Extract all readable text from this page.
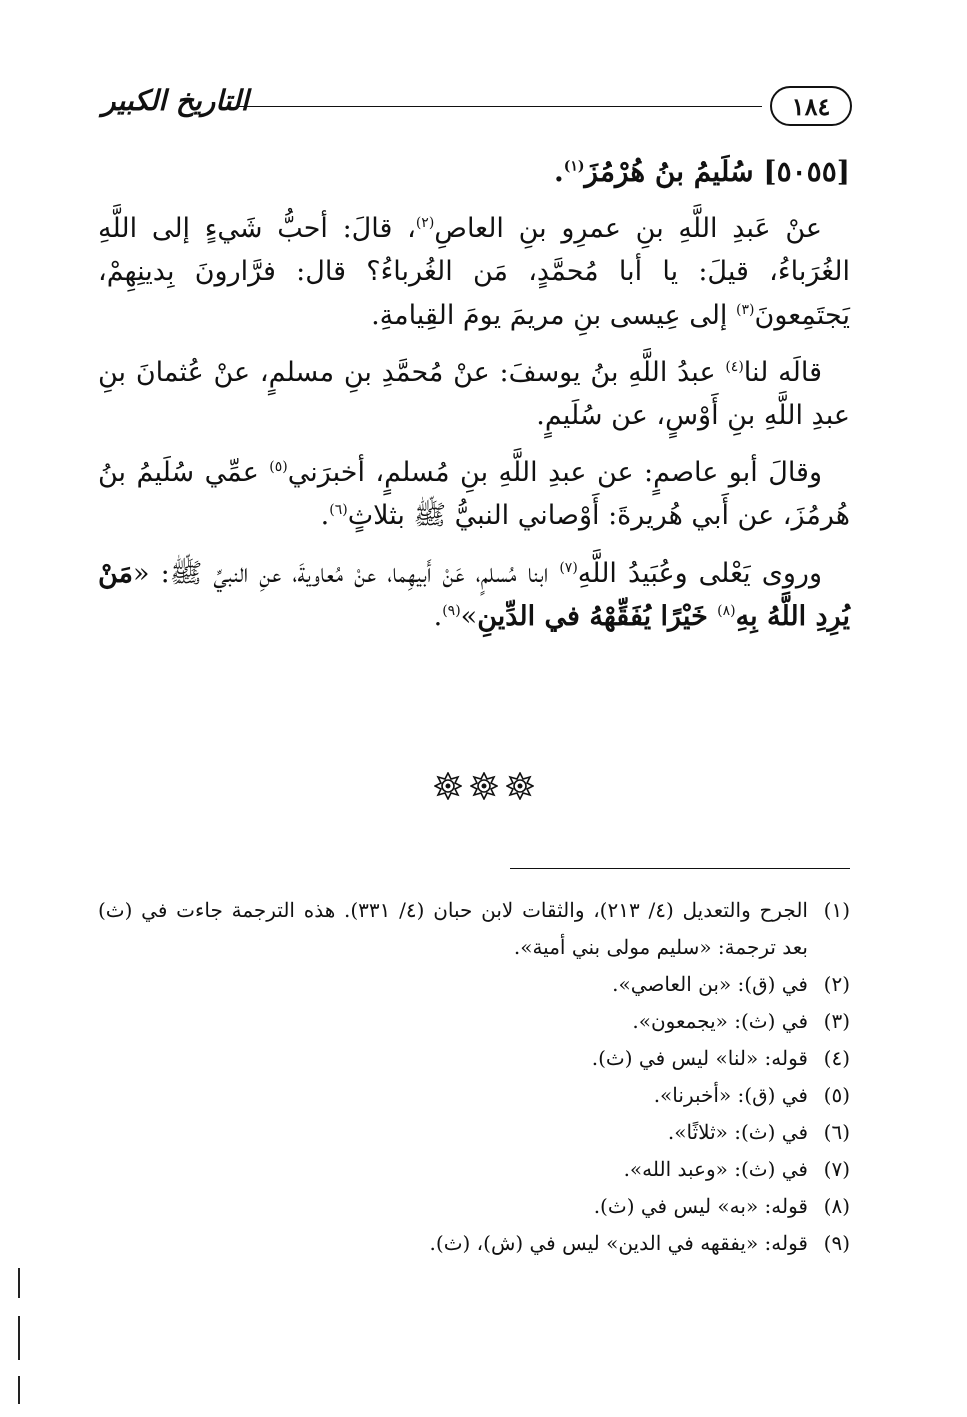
١٨٤
التاريخ الكبير

[٥٠٥٥] سُلَيمُ بنُ هُرْمُزَ$^{(١)}$.

عنْ عَبدِ اللَّهِ بنِ عمرِو بنِ العاصِ$^{(٢)}$، قالَ: أحبُّ شَيءٍ إلى اللَّهِ الغُرَباءُ، قيلَ: يا أبا مُحمَّدٍ، مَن الغُرباءُ؟ قال: فرَّارونَ بِدينِهِمْ، يَجتَمِعونَ$^{(٣)}$ إلى عِيسى بنِ مريمَ يومَ القِيامةِ.

قالَه لنا$^{(٤)}$ عبدُ اللَّهِ بنُ يوسفَ: عنْ مُحمَّدِ بنِ مسلمٍ، عنْ عُثمانَ بنِ عبدِ اللَّهِ بنِ أَوْسٍ، عن سُلَيمٍ.

وقالَ أبو عاصمٍ: عن عبدِ اللَّهِ بنِ مُسلمٍ، أخبرَني$^{(٥)}$ عمِّي سُلَيمُ بنُ هُرمُزَ، عن أَبي هُريرةَ: أَوْصاني النبيُّ ﷺ بثلاثٍ$^{(٦)}$.

وروى يَعْلى وعُبَيدُ اللَّهِ$^{(٧)}$ ابنا مُسلمٍ، عَنْ أَبيهِما، عنْ مُعاويةَ، عنِ النبيِّ ﷺ: «مَنْ يُرِدِ اللَّهُ بِهِ$^{(٨)}$ خَيْرًا يُفَقِّهْهُ في الدِّينِ»$^{(٩)}$.

(١)
الجرح والتعديل (٤/ ٢١٣)، والثقات لابن حبان (٤/ ٣٣١). هذه الترجمة جاءت في (ث) بعد ترجمة: «سليم مولى بني أمية».
(٢)
في (ق): «بن العاصي».
(٣)
في (ث): «يجمعون».
(٤)
قوله: «لنا» ليس في (ث).
(٥)
في (ق): «أخبرنا».
(٦)
في (ث): «ثلاثًا».
(٧)
في (ث): «وعبد الله».
(٨)
قوله: «به» ليس في (ث).
(٩)
قوله: «يفقهه في الدين» ليس في (ش)، (ث).
